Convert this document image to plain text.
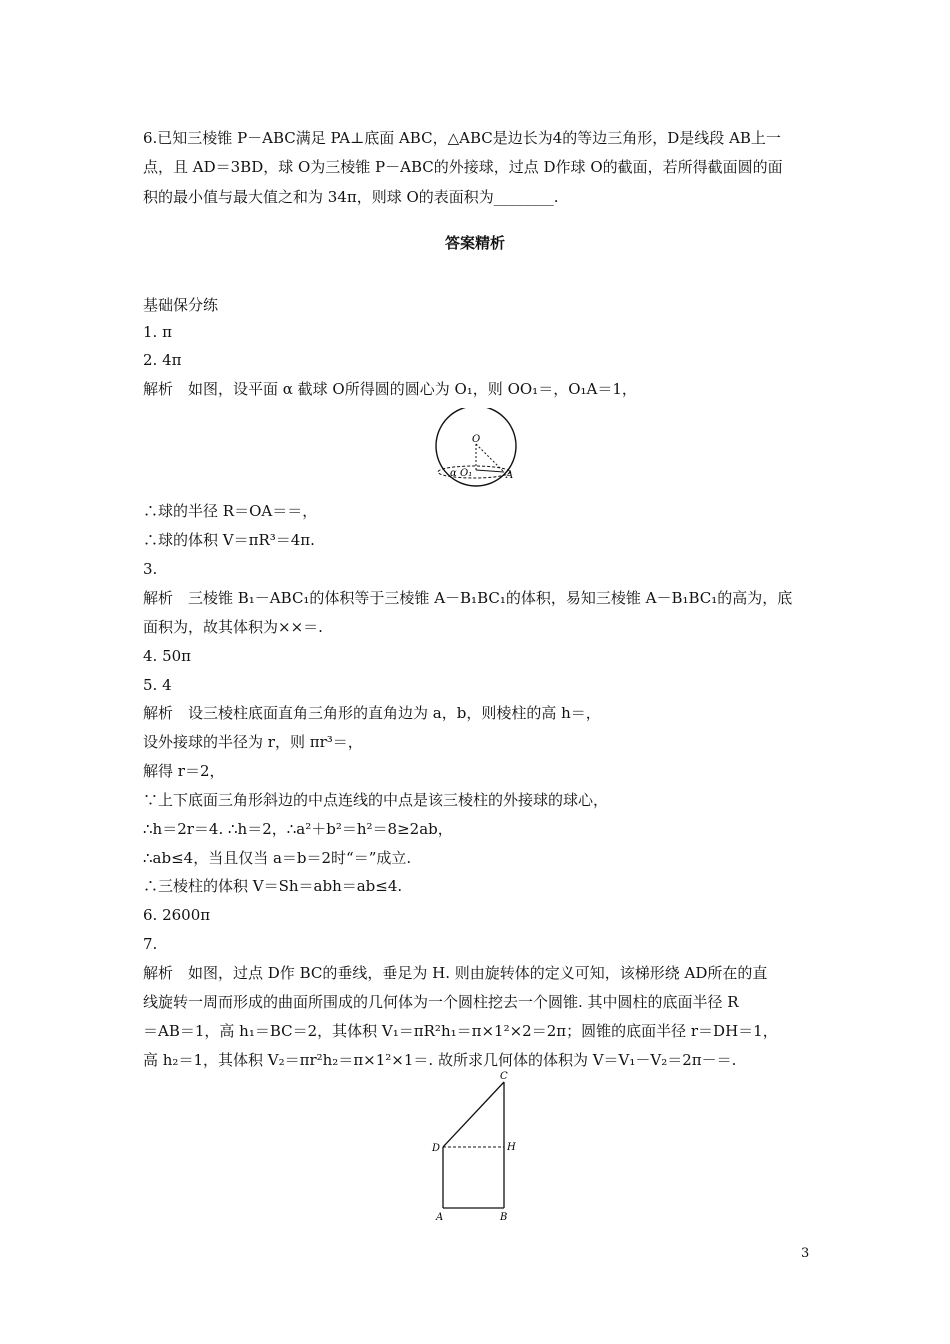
6.已知三棱锥 P－ABC满足 PA⊥底面 ABC，△ABC是边长为4的等边三角形，D是线段 AB上一
点，且 AD＝3BD，球 O为三棱锥 P－ABC的外接球，过点 D作球 O的截面，若所得截面圆的面
积的最小值与最大值之和为 34π，则球 O的表面积为________.
答案精析
基础保分练
1. π
2. 4π
解析　如图，设平面 α 截球 O所得圆的圆心为 O₁，则 OO₁＝，O₁A＝1，
O
α O₁	A
∴球的半径 R＝OA＝＝，
∴球的体积 V＝πR³＝4π.
3.
解析　三棱锥 B₁－ABC₁的体积等于三棱锥 A－B₁BC₁的体积，易知三棱锥 A－B₁BC₁的高为，底
面积为，故其体积为××＝.
4. 50π
5. 4
解析　设三棱柱底面直角三角形的直角边为 a，b，则棱柱的高 h＝，
设外接球的半径为 r，则 πr³＝，
解得 r＝2，
∵上下底面三角形斜边的中点连线的中点是该三棱柱的外接球的球心，
∴h＝2r＝4. ∴h＝2，∴a²＋b²＝h²＝8≥2ab，
∴ab≤4，当且仅当 a＝b＝2时“＝”成立.
∴三棱柱的体积 V＝Sh＝abh＝ab≤4.
6. 2600π
7.
解析　如图，过点 D作 BC的垂线，垂足为 H. 则由旋转体的定义可知，该梯形绕 AD所在的直
线旋转一周而形成的曲面所围成的几何体为一个圆柱挖去一个圆锥. 其中圆柱的底面半径 R
＝AB＝1，高 h₁＝BC＝2，其体积 V₁＝πR²h₁＝π×1²×2＝2π；圆锥的底面半径 r＝DH＝1，
高 h₂＝1，其体积 V₂＝πr²h₂＝π×1²×1＝. 故所求几何体的体积为 V＝V₁－V₂＝2π－＝.
C
D	H
A	B
3
